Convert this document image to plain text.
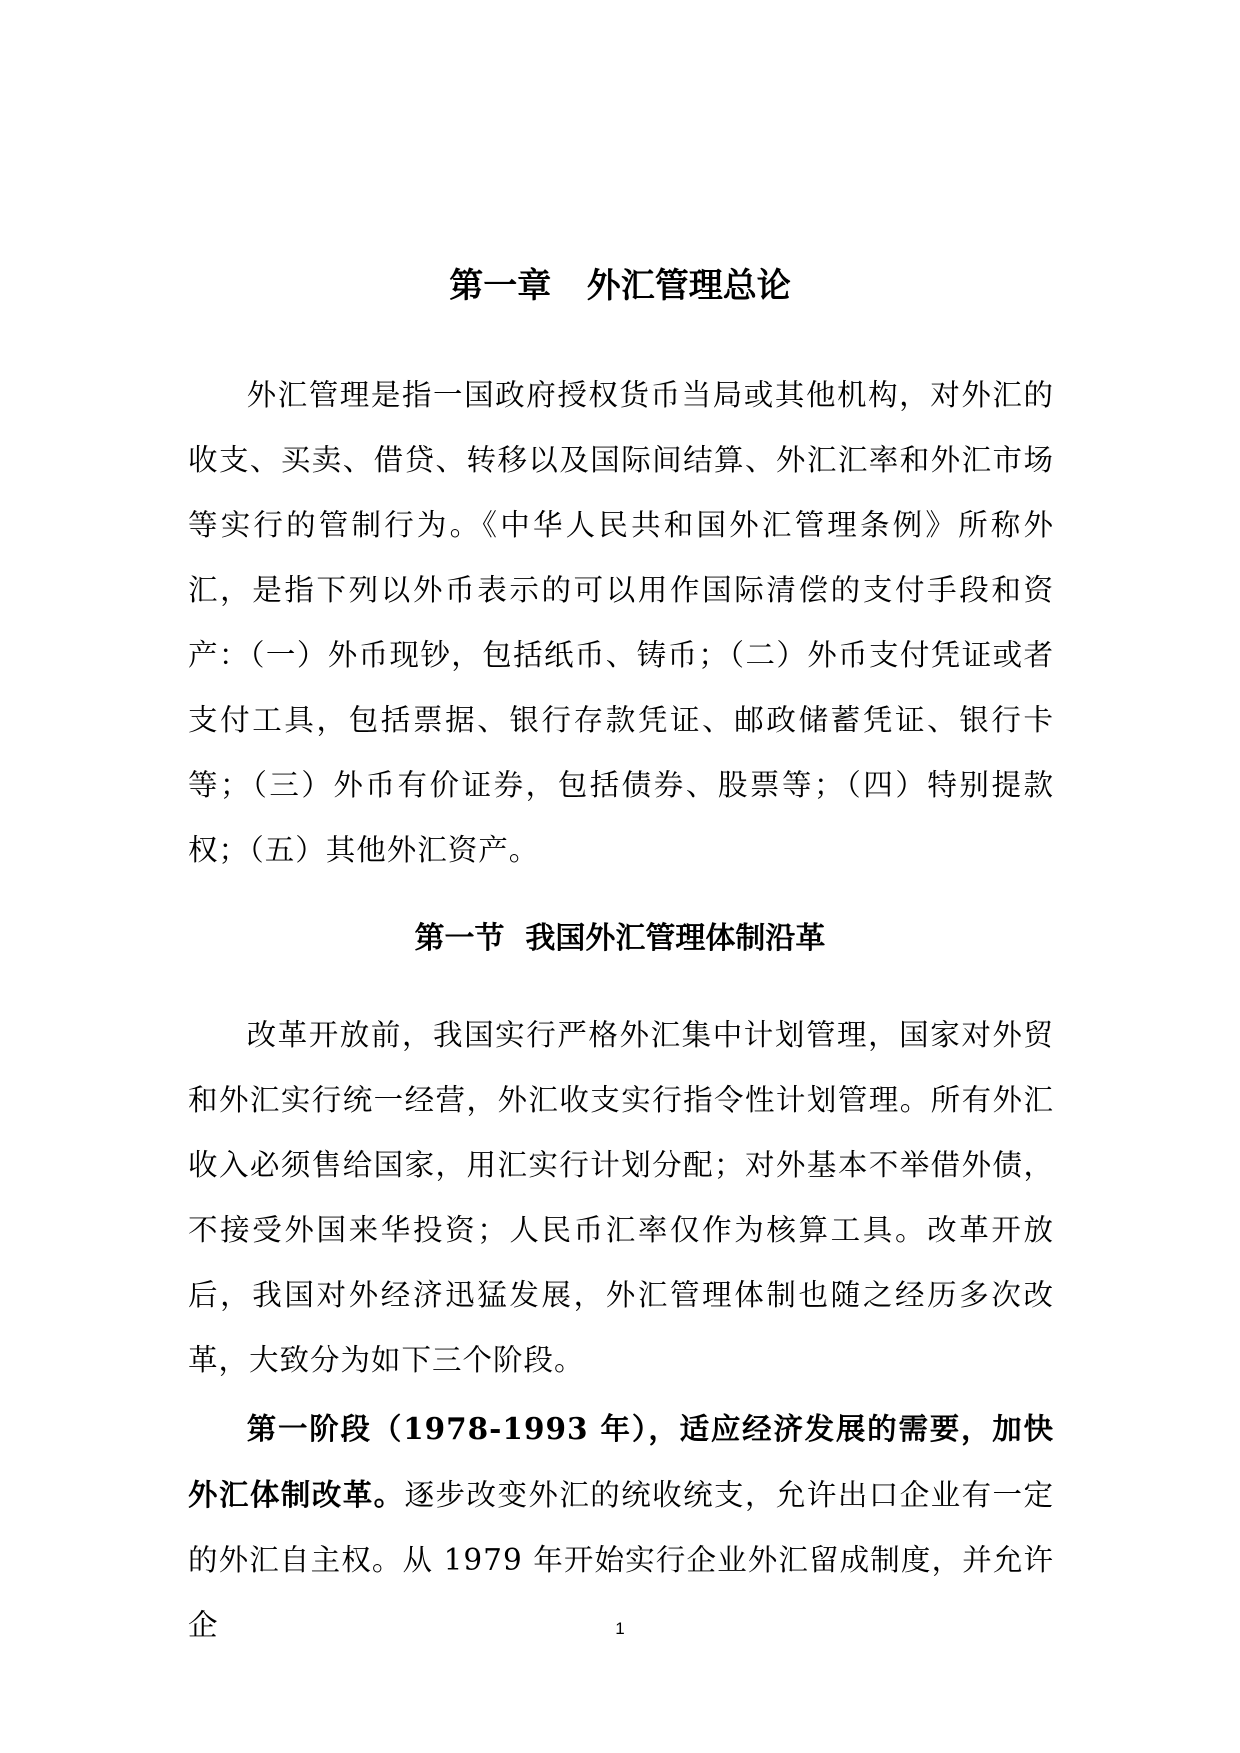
第一章   外汇管理总论

外汇管理是指一国政府授权货币当局或其他机构，对外汇的收支、买卖、借贷、转移以及国际间结算、外汇汇率和外汇市场等实行的管制行为。《中华人民共和国外汇管理条例》所称外汇，是指下列以外币表示的可以用作国际清偿的支付手段和资产：（一）外币现钞，包括纸币、铸币；（二）外币支付凭证或者支付工具，包括票据、银行存款凭证、邮政储蓄凭证、银行卡等；（三）外币有价证券，包括债券、股票等；（四）特别提款权；（五）其他外汇资产。

第一节  我国外汇管理体制沿革

改革开放前，我国实行严格外汇集中计划管理，国家对外贸和外汇实行统一经营，外汇收支实行指令性计划管理。所有外汇收入必须售给国家，用汇实行计划分配；对外基本不举借外债，不接受外国来华投资；人民币汇率仅作为核算工具。改革开放后，我国对外经济迅猛发展，外汇管理体制也随之经历多次改革，大致分为如下三个阶段。

第一阶段（1978-1993 年），适应经济发展的需要，加快外汇体制改革。逐步改变外汇的统收统支，允许出口企业有一定的外汇自主权。从 1979 年开始实行企业外汇留成制度，并允许企	1
